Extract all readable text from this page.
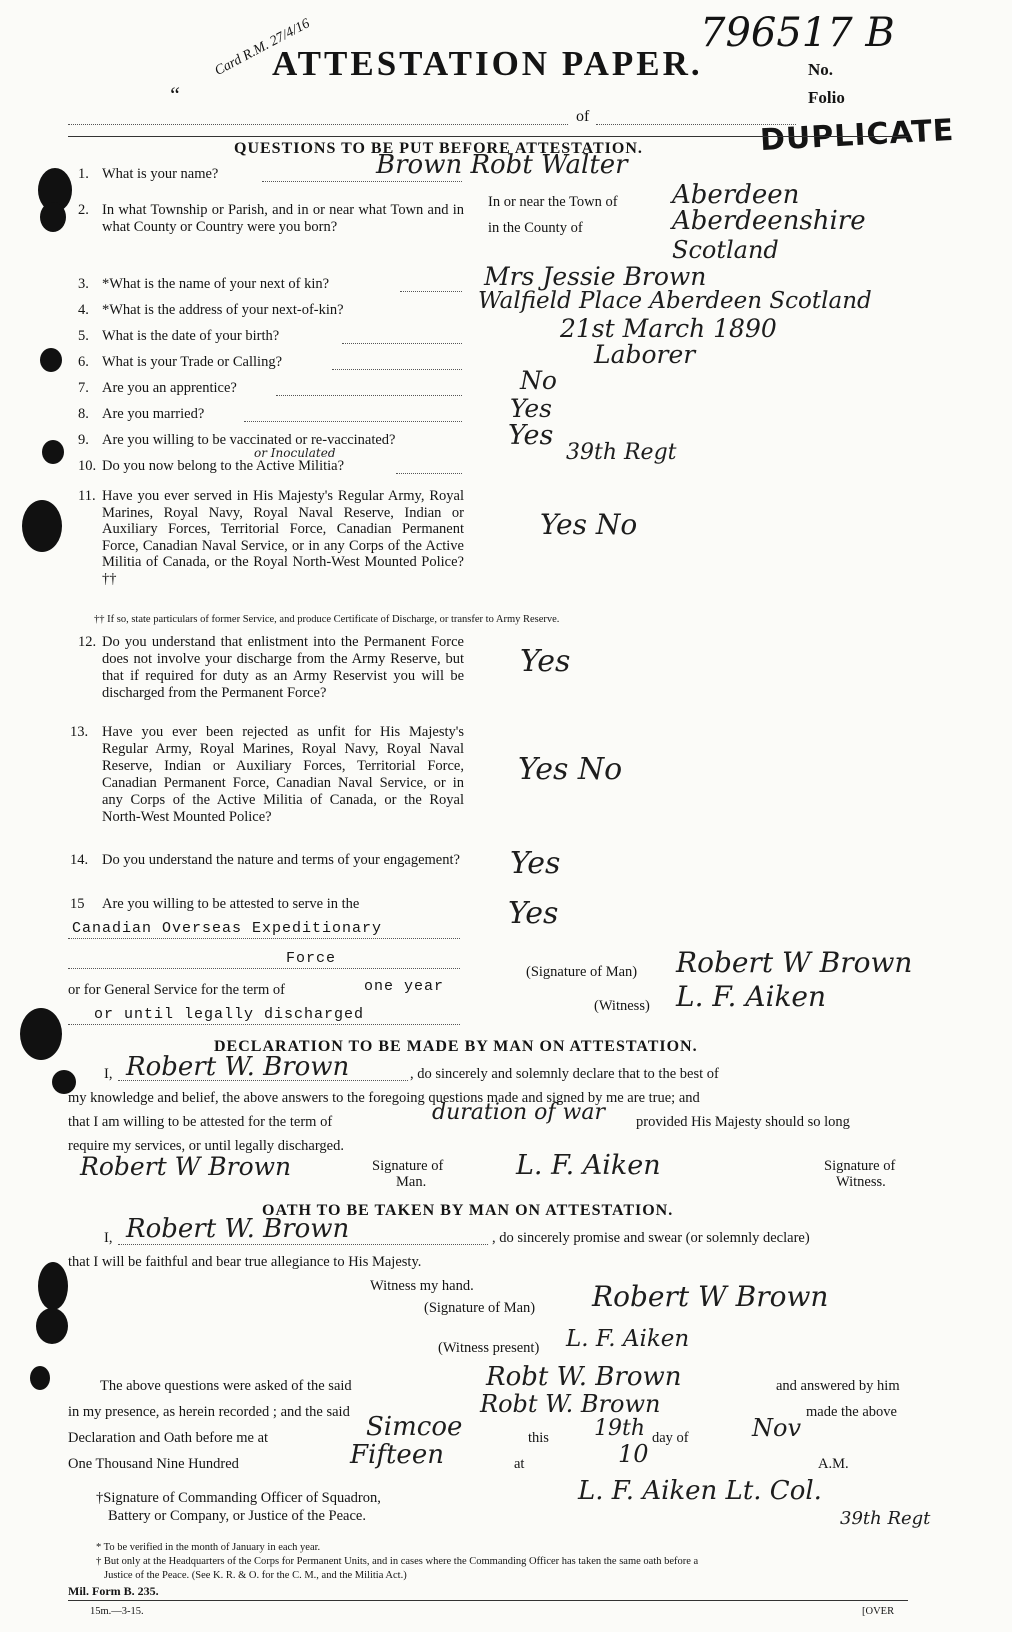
796517 B
Card R.M. 27/4/16
ATTESTATION PAPER.	No.
Folio
“
of	DUPLICATE
QUESTIONS TO BE PUT BEFORE ATTESTATION.
1. What is your name?	Brown Robt Walter
2. In what Township or Parish, and in or near what Town and in what County or Country were you born?
In or near the Town of Aberdeen
in the County of	Aberdeenshire
Scotland
3. *What is the name of your next of kin?	Mrs Jessie Brown
4. *What is the address of your next-of-kin?	Walfield Place Aberdeen Scotland
5. What is the date of your birth?	21st March 1890
6. What is your Trade or Calling?	Laborer
7. Are you an apprentice?	No
8. Are you married?	Yes
9. Are you willing to be vaccinated or re-vaccinated?	Yes
or Inoculated
10. Do you now belong to the Active Militia?
39th Regt
11. Have you ever served in His Majesty's Regular Army, Royal Marines, Royal Navy, Royal Naval Reserve, Indian or Auxiliary Forces, Territorial Force, Canadian Permanent Force, Canadian Naval Service, or in any Corps of the Active Militia of Canada, or the Royal North-West Mounted Police?††
Yes No
†† If so, state particulars of former Service, and produce Certificate of Discharge, or transfer to Army Reserve.
12. Do you understand that enlistment into the Permanent Force does not involve your discharge from the Army Reserve, but that if required for duty as an Army Reservist you will be discharged from the Permanent Force?
Yes
13. Have you ever been rejected as unfit for His Majesty's Regular Army, Royal Marines, Royal Navy, Royal Naval Reserve, Indian or Auxiliary Forces, Territorial Force, Canadian Permanent Force, Canadian Naval Service, or in any Corps of the Active Militia of Canada, or the Royal North-West Mounted Police?
Yes No
14. Do you understand the nature and terms of your engagement? Yes
15 Are you willing to be attested to serve in the	Yes
Canadian Overseas Expeditionary
Force
or for General Service for the term of	one year
or until legally discharged
(Signature of Man) Robert W Brown
(Witness) L. F. Aiken
DECLARATION TO BE MADE BY MAN ON ATTESTATION.
I, Robert W. Brown	, do sincerely and solemnly declare that to the best of
my knowledge and belief, the above answers to the foregoing questions made and signed by me are true; and
that I am willing to be attested for the term of	duration of war provided His Majesty should so long
require my services, or until legally discharged.
Robert W Brown	Signature of
Man.
L. F. Aiken	Signature of
Witness.
OATH TO BE TAKEN BY MAN ON ATTESTATION.
I, Robert W. Brown	, do sincerely promise and swear (or solemnly declare)
that I will be faithful and bear true allegiance to His Majesty.
Witness my hand.
(Signature of Man) Robert W Brown
(Witness present) L. F. Aiken
The above questions were asked of the said	Robt W. Brown	and answered by him
in my presence, as herein recorded ; and the said	Robt W. Brown	made the above
Declaration and Oath before me at	Simcoe	this 19th day of	Nov
One Thousand Nine Hundred	Fifteen	at	10	A.M.
†Signature of Commanding Officer of Squadron,
Battery or Company, or Justice of the Peace.
L. F. Aiken Lt. Col.
39th Regt
* To be verified in the month of January in each year.
† But only at the Headquarters of the Corps for Permanent Units, and in cases where the Commanding Officer has taken the same oath before a
Justice of the Peace. (See K. R. & O. for the C. M., and the Militia Act.)
Mil. Form B. 235.
15m.—3-15.	[OVER
